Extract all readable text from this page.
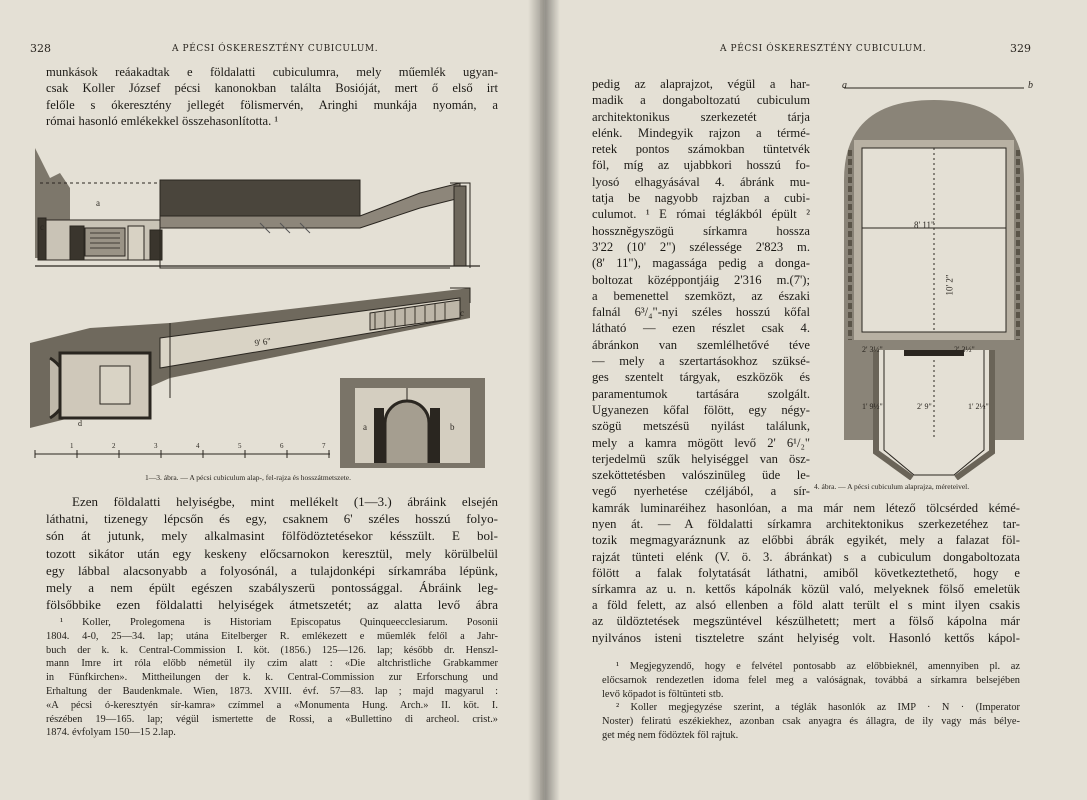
328	A PÉCSI ÓSKERESZTÉNY CUBICULUM.
munkások reáakadtak e földalatti cubiculumra, mely műemlék ugyan-
csak Koller József pécsi kanonokban találta Bosióját, mert ő első irt
felőle s ókeresztény jellegét fölismervén, Aringhi munkája nyomán, a
római hasonló emlékekkel összehasonlította. ¹
a
c
9' 6"
c
d	a	b
1	2	3	4	5	6	7
1—3. ábra. — A pécsi cubiculum alap-, fel-rajza és hosszátmetszete.
Ezen földalatti helyiségbe, mint mellékelt (1—3.) ábráink elsején
láthatni, tizenegy lépcsőn és egy, csaknem 6' széles hosszú folyo-
són át jutunk, mely alkalmasint fölfödöztetésekor késszült. E bol-
tozott sikátor után egy keskeny előcsarnokon keresztül, mely körülbelül
egy lábbal alacsonyabb a folyosónál, a tulajdonképi sírkamrába lépünk,
mely a nem épült egészen szabályszerü pontossággal. Ábráink leg-
fölsőbbike ezen földalatti helyiségek átmetszetét; az alatta levő ábra
¹ Koller, Prolegomena is Historiam Episcopatus Quinqueecclesiarum. Posonii
1804. 4-0, 25—34. lap; utána Eitelberger R. emlékezett e műemlék felől a Jahr-
buch der k. k. Central-Commission I. köt. (1856.) 125—126. lap; később dr. Henszl-
mann Imre irt róla előbb németül ily czim alatt : «Die altchristliche Grabkammer
in Fünfkirchen». Mittheilungen der k. k. Central-Commission zur Erforschung und
Erhaltung der Baudenkmale. Wien, 1873. XVIII. évf. 57—83. lap ; majd magyarul :
«A pécsi ó-keresztyén sír-kamra» czímmel a «Monumenta Hung. Arch.» II. köt. I.
részében 19—165. lap; végül ismertette de Rossi, a «Bullettino di archeol. crist.»
1874. évfolyam 150—15 2.lap.
A PÉCSI ÓSKERESZTÉNY CUBICULUM.	329
pedig az alaprajzot, végül a har-
madik a dongaboltozatú cubiculum
architektonikus szerkezetét tárja
elénk. Mindegyik rajzon a térmé-
retek pontos számokban tüntetvék
föl, míg az ujabbkori hosszú fo-
lyosó elhagyásával 4. ábránk mu-
tatja be nagyobb rajzban a cubi-
culumot. ¹ E római téglákból épült ²
hosszněgyszögü sírkamra hossza
3'22 (10' 2") szélessége 2'823 m.
(8' 11"), magassága pedig a donga-
boltozat középpontjáig 2'316 m.(7');
a bemenettel szemközt, az északi
falnál 6³/₄"-nyi széles hosszú kőfal
látható — ezen részlet csak 4.
ábránkon van szemlélhetővé téve
— mely a szertartásokhoz szüksé-
ges szentelt tárgyak, eszközök és
paramentumok tartására szolgált.
Ugyanezen kőfal fölött, egy négy-
szögü metszésü nyilást találunk,
mely a kamra mögött levő 2' 6¹/₂"
terjedelmü szűk helyiséggel van ösz-
szeköttetésben valószinüleg üde le-
vegő nyerhetése czéljából, a sír-
a	b
8' 11"
10' 2"
2' 3½"	2' 3½"
1' 9½"	2' 9"	1' 2½"
4. ábra. — A pécsi cubiculum alaprajza, méreteivel.
kamrák luminaréihez hasonlóan, a ma már nem létező tölcsérded kémé-
nyen át. — A földalatti sírkamra architektonikus szerkezetéhez tar-
tozik megmagyaráznunk az előbbi ábrák egyikét, mely a falazat föl-
rajzát tünteti elénk (V. ö. 3. ábránkat) s a cubiculum dongaboltozata
fölött a falak folytatását láthatni, amiből következtethető, hogy e
sírkamra az u. n. kettős kápolnák közül való, melyeknek fölső emeletük
a föld felett, az alsó ellenben a föld alatt terült el s mint ilyen csakis
az üldöztetések megszüntével készülhetett; mert a fölső kápolna már
nyilvános isteni tiszteletre szánt helyiség volt. Hasonló kettős kápol-
¹ Megjegyzendő, hogy e felvétel pontosabb az előbbieknél, amennyiben pl. az
előcsarnok rendezetlen idoma felel meg a valóságnak, továbbá a sírkamra belsejében
levő kőpadot is föltünteti stb.
² Koller megjegyzése szerint, a téglák hasonlók az IMP · N · (Imperator
Noster) feliratú eszékiekhez, azonban csak anyagra és állagra, de ily vagy más bélye-
get még nem födöztek föl rajtuk.
